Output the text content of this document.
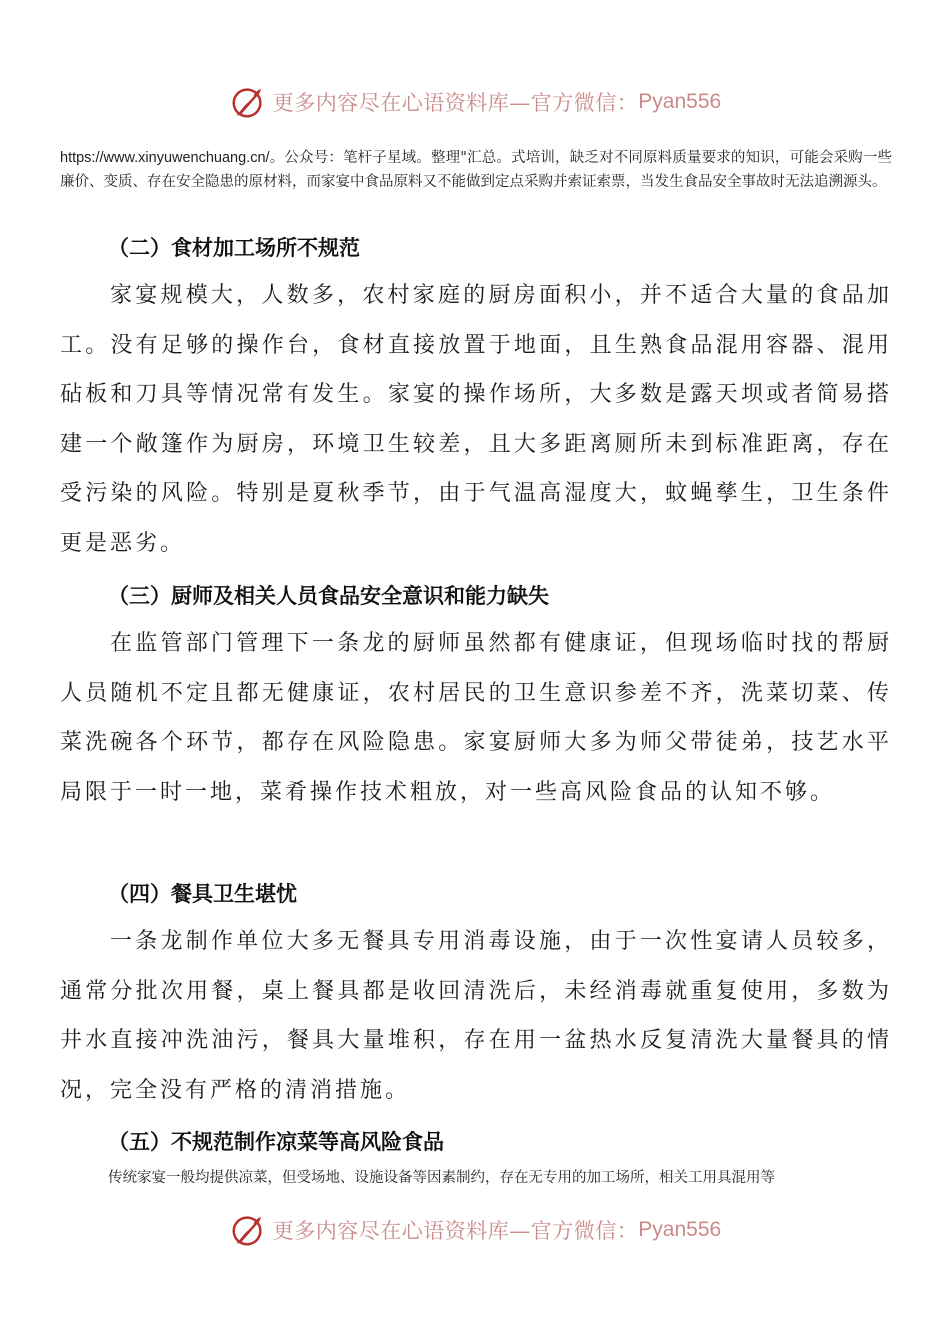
更多内容尽在心语资料库—官方微信： Pyan556
https://www.xinyuwenchuang.cn/。公众号：笔杆子星域。整理"汇总。式培训，缺乏对不同原料质量要求的知识，可能会采购一些廉价、变质、存在安全隐患的原材料，而家宴中食品原料又不能做到定点采购并索证索票，当发生食品安全事故时无法追溯源头。
（二）食材加工场所不规范
家宴规模大，人数多，农村家庭的厨房面积小，并不适合大量的食品加工。没有足够的操作台，食材直接放置于地面，且生熟食品混用容器、混用砧板和刀具等情况常有发生。家宴的操作场所，大多数是露天坝或者简易搭建一个敞篷作为厨房，环境卫生较差，且大多距离厕所未到标准距离，存在受污染的风险。特别是夏秋季节，由于气温高湿度大，蚊蝇孳生，卫生条件更是恶劣。
（三）厨师及相关人员食品安全意识和能力缺失
在监管部门管理下一条龙的厨师虽然都有健康证，但现场临时找的帮厨人员随机不定且都无健康证，农村居民的卫生意识参差不齐，洗菜切菜、传菜洗碗各个环节，都存在风险隐患。家宴厨师大多为师父带徒弟，技艺水平局限于一时一地，菜肴操作技术粗放，对一些高风险食品的认知不够。
（四）餐具卫生堪忧
一条龙制作单位大多无餐具专用消毒设施，由于一次性宴请人员较多，通常分批次用餐，桌上餐具都是收回清洗后，未经消毒就重复使用，多数为井水直接冲洗油污，餐具大量堆积，存在用一盆热水反复清洗大量餐具的情况，完全没有严格的清消措施。
（五）不规范制作凉菜等高风险食品
传统家宴一般均提供凉菜，但受场地、设施设备等因素制约，存在无专用的加工场所，相关工用具混用等
更多内容尽在心语资料库—官方微信： Pyan556
